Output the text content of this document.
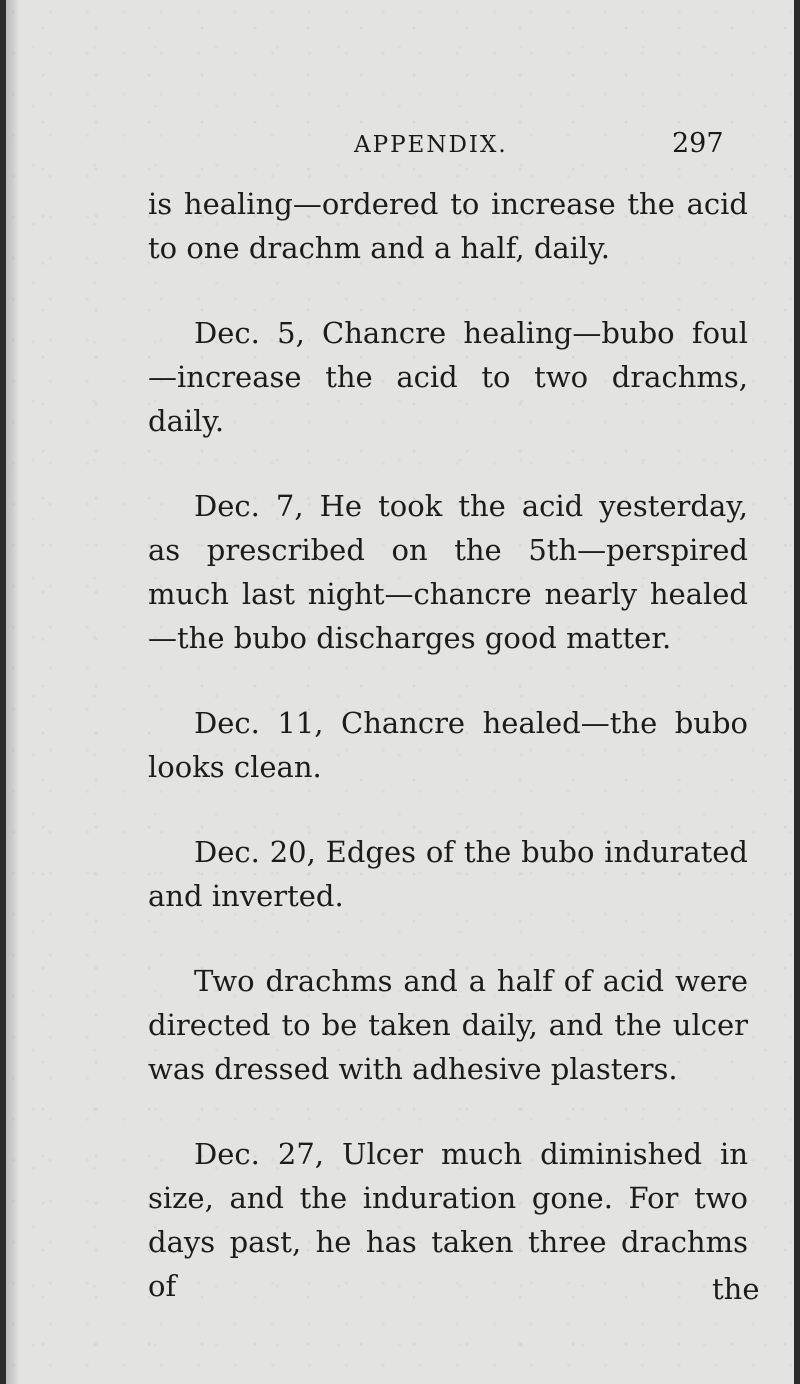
APPENDIX.	297

is healing—ordered to increase the acid to one drachm and a half, daily.

Dec. 5, Chancre healing—bubo foul —increase the acid to two drachms, daily.

Dec. 7, He took the acid yesterday, as prescribed on the 5th—perspired much last night—chancre nearly healed—the bubo discharges good matter.

Dec. 11, Chancre healed—the bubo looks clean.

Dec. 20, Edges of the bubo indurated and inverted.

Two drachms and a half of acid were directed to be taken daily, and the ulcer was dressed with adhesive plasters.

Dec. 27, Ulcer much diminished in size, and the induration gone. For two days past, he has taken three drachms of	the
